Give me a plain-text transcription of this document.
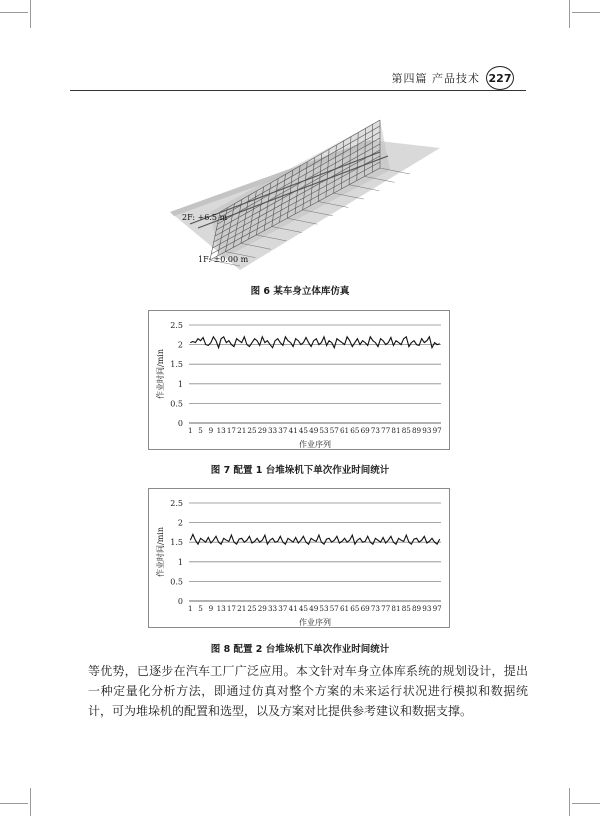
第四篇 产品技术 227
2F: +6.5 m
1F: ±0.00 m
图 6 某车身立体库仿真
0
0.5
1
1.5
2
2.5
1 5 9 13 17 21 25 29 33 37 41 45 49 53 57 61 65 69 73 77 81 85 89 93 97
作业序列
作业时间/min
图 7 配置 1 台堆垛机下单次作业时间统计
0
0.5
1
1.5
2
2.5
1 5 9 13 17 21 25 29 33 37 41 45 49 53 57 61 65 69 73 77 81 85 89 93 97
作业序列
作业时间/min
图 8 配置 2 台堆垛机下单次作业时间统计
等优势，已逐步在汽车工厂广泛应用。本文针对车身立体库系统的规划设计，提出一种定量化分析方法，即通过仿真对整个方案的未来运行状况进行模拟和数据统计，可为堆垛机的配置和选型，以及方案对比提供参考建议和数据支撑。
